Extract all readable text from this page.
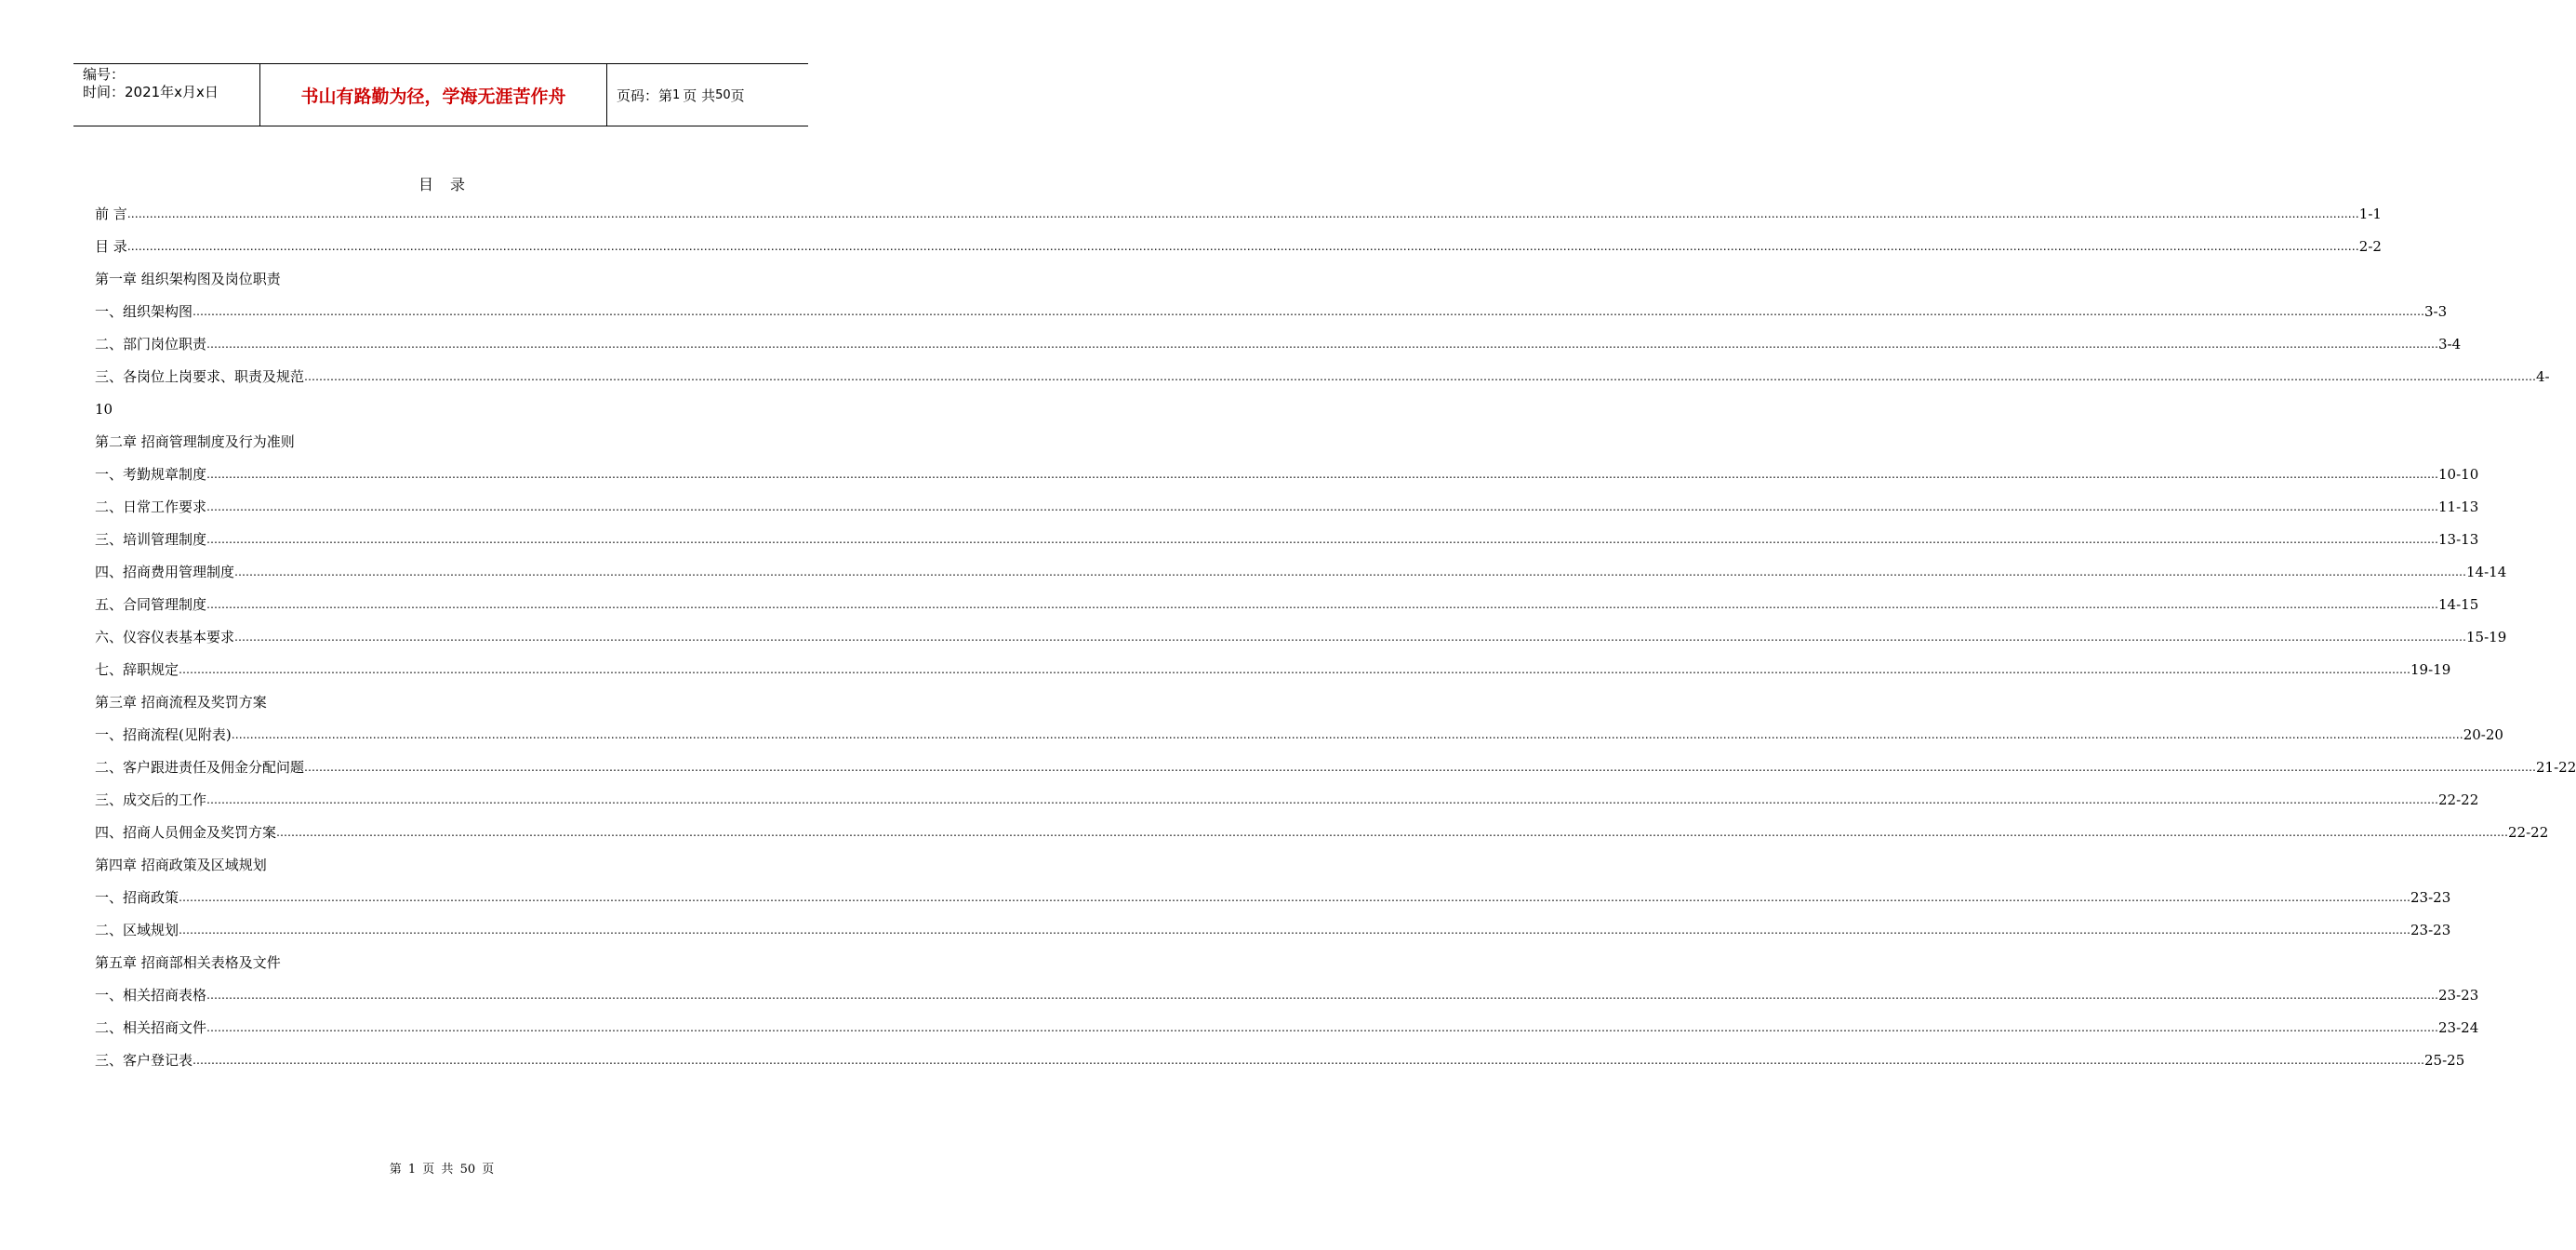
编号：
时间：2021年x月x日	书山有路勤为径，学海无涯苦作舟	页码：第 1 页 共 50 页
目录
前 言 …………………………………………………………………………………………………………………………………………………………………………………………………………………………………………………………………………………………………………………………………………………………………………………………………………………………………………………………………………………………………………………………………………………… 1-1
目 录 …………………………………………………………………………………………………………………………………………………………………………………………………………………………………………………………………………………………………………………………………………………………………………………………………………………………………………………………………………………………………………………………………………………… 2-2
第一章 组织架构图及岗位职责
一、组织架构图 …………………………………………………………………………………………………………………………………………………………………………………………………………………………………………………………………………………………………………………………………………………………………………………………………………………………………………………………………………………………………………………………………………………… 3-3
二、部门岗位职责 …………………………………………………………………………………………………………………………………………………………………………………………………………………………………………………………………………………………………………………………………………………………………………………………………………………………………………………………………………………………………………………………………………………… 3-4
三、各岗位上岗要求、职责及规范 …………………………………………………………………………………………………………………………………………………………………………………………………………………………………………………………………………………………………………………………………………………………………………………………………………………………………………………………………………………………………………………………………………………… 4-
10
第二章 招商管理制度及行为准则
一、考勤规章制度 …………………………………………………………………………………………………………………………………………………………………………………………………………………………………………………………………………………………………………………………………………………………………………………………………………………………………………………………………………………………………………………………………………………… 10-10
二、日常工作要求 …………………………………………………………………………………………………………………………………………………………………………………………………………………………………………………………………………………………………………………………………………………………………………………………………………………………………………………………………………………………………………………………………………………… 11-13
三、培训管理制度 …………………………………………………………………………………………………………………………………………………………………………………………………………………………………………………………………………………………………………………………………………………………………………………………………………………………………………………………………………………………………………………………………………………… 13-13
四、招商费用管理制度 …………………………………………………………………………………………………………………………………………………………………………………………………………………………………………………………………………………………………………………………………………………………………………………………………………………………………………………………………………………………………………………………………………………… 14-14
五、合同管理制度 …………………………………………………………………………………………………………………………………………………………………………………………………………………………………………………………………………………………………………………………………………………………………………………………………………………………………………………………………………………………………………………………………………………… 14-15
六、仪容仪表基本要求 …………………………………………………………………………………………………………………………………………………………………………………………………………………………………………………………………………………………………………………………………………………………………………………………………………………………………………………………………………………………………………………………………………………… 15-19
七、辞职规定 …………………………………………………………………………………………………………………………………………………………………………………………………………………………………………………………………………………………………………………………………………………………………………………………………………………………………………………………………………………………………………………………………………………… 19-19
第三章 招商流程及奖罚方案
一、招商流程(见附表) …………………………………………………………………………………………………………………………………………………………………………………………………………………………………………………………………………………………………………………………………………………………………………………………………………………………………………………………………………………………………………………………………………………… 20-20
二、客户跟进责任及佣金分配问题 …………………………………………………………………………………………………………………………………………………………………………………………………………………………………………………………………………………………………………………………………………………………………………………………………………………………………………………………………………………………………………………………………………………… 21-22
三、成交后的工作 …………………………………………………………………………………………………………………………………………………………………………………………………………………………………………………………………………………………………………………………………………………………………………………………………………………………………………………………………………………………………………………………………………………… 22-22
四、招商人员佣金及奖罚方案 …………………………………………………………………………………………………………………………………………………………………………………………………………………………………………………………………………………………………………………………………………………………………………………………………………………………………………………………………………………………………………………………………………………… 22-22
第四章 招商政策及区域规划
一、招商政策 …………………………………………………………………………………………………………………………………………………………………………………………………………………………………………………………………………………………………………………………………………………………………………………………………………………………………………………………………………………………………………………………………………………… 23-23
二、区域规划 …………………………………………………………………………………………………………………………………………………………………………………………………………………………………………………………………………………………………………………………………………………………………………………………………………………………………………………………………………………………………………………………………………………… 23-23
第五章 招商部相关表格及文件
一、相关招商表格 …………………………………………………………………………………………………………………………………………………………………………………………………………………………………………………………………………………………………………………………………………………………………………………………………………………………………………………………………………………………………………………………………………………… 23-23
二、相关招商文件 …………………………………………………………………………………………………………………………………………………………………………………………………………………………………………………………………………………………………………………………………………………………………………………………………………………………………………………………………………………………………………………………………………………… 23-24
三、客户登记表 …………………………………………………………………………………………………………………………………………………………………………………………………………………………………………………………………………………………………………………………………………………………………………………………………………………………………………………………………………………………………………………………………………………… 25-25
第 1 页 共 50 页
